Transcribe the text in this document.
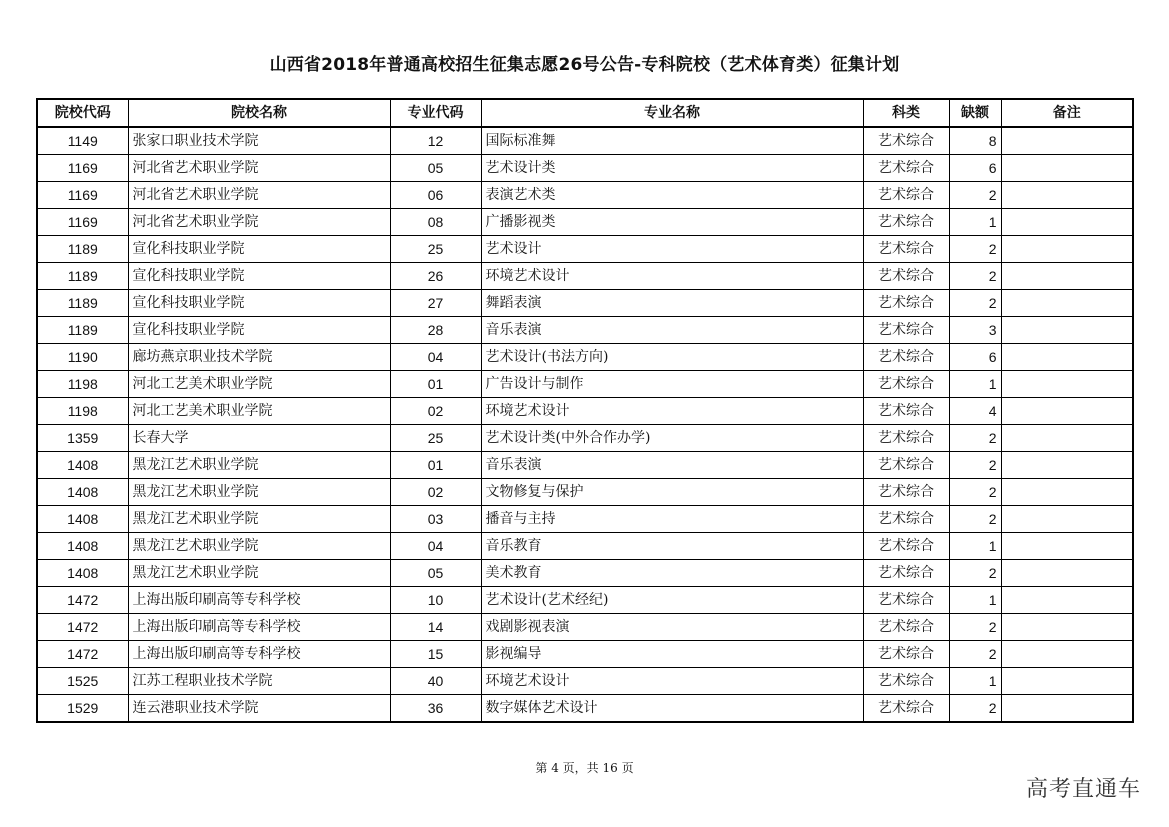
山西省2018年普通高校招生征集志愿26号公告-专科院校（艺术体育类）征集计划
院校代码	院校名称	专业代码	专业名称	科类	缺额	备注
1149	张家口职业技术学院	12	国际标准舞	艺术综合	8	
1169	河北省艺术职业学院	05	艺术设计类	艺术综合	6	
1169	河北省艺术职业学院	06	表演艺术类	艺术综合	2	
1169	河北省艺术职业学院	08	广播影视类	艺术综合	1	
1189	宣化科技职业学院	25	艺术设计	艺术综合	2	
1189	宣化科技职业学院	26	环境艺术设计	艺术综合	2	
1189	宣化科技职业学院	27	舞蹈表演	艺术综合	2	
1189	宣化科技职业学院	28	音乐表演	艺术综合	3	
1190	廊坊燕京职业技术学院	04	艺术设计(书法方向)	艺术综合	6	
1198	河北工艺美术职业学院	01	广告设计与制作	艺术综合	1	
1198	河北工艺美术职业学院	02	环境艺术设计	艺术综合	4	
1359	长春大学	25	艺术设计类(中外合作办学)	艺术综合	2	
1408	黑龙江艺术职业学院	01	音乐表演	艺术综合	2	
1408	黑龙江艺术职业学院	02	文物修复与保护	艺术综合	2	
1408	黑龙江艺术职业学院	03	播音与主持	艺术综合	2	
1408	黑龙江艺术职业学院	04	音乐教育	艺术综合	1	
1408	黑龙江艺术职业学院	05	美术教育	艺术综合	2	
1472	上海出版印刷高等专科学校	10	艺术设计(艺术经纪)	艺术综合	1	
1472	上海出版印刷高等专科学校	14	戏剧影视表演	艺术综合	2	
1472	上海出版印刷高等专科学校	15	影视编导	艺术综合	2	
1525	江苏工程职业技术学院	40	环境艺术设计	艺术综合	1	
1529	连云港职业技术学院	36	数字媒体艺术设计	艺术综合	2	
第 4 页，共 16 页
高考直通车
